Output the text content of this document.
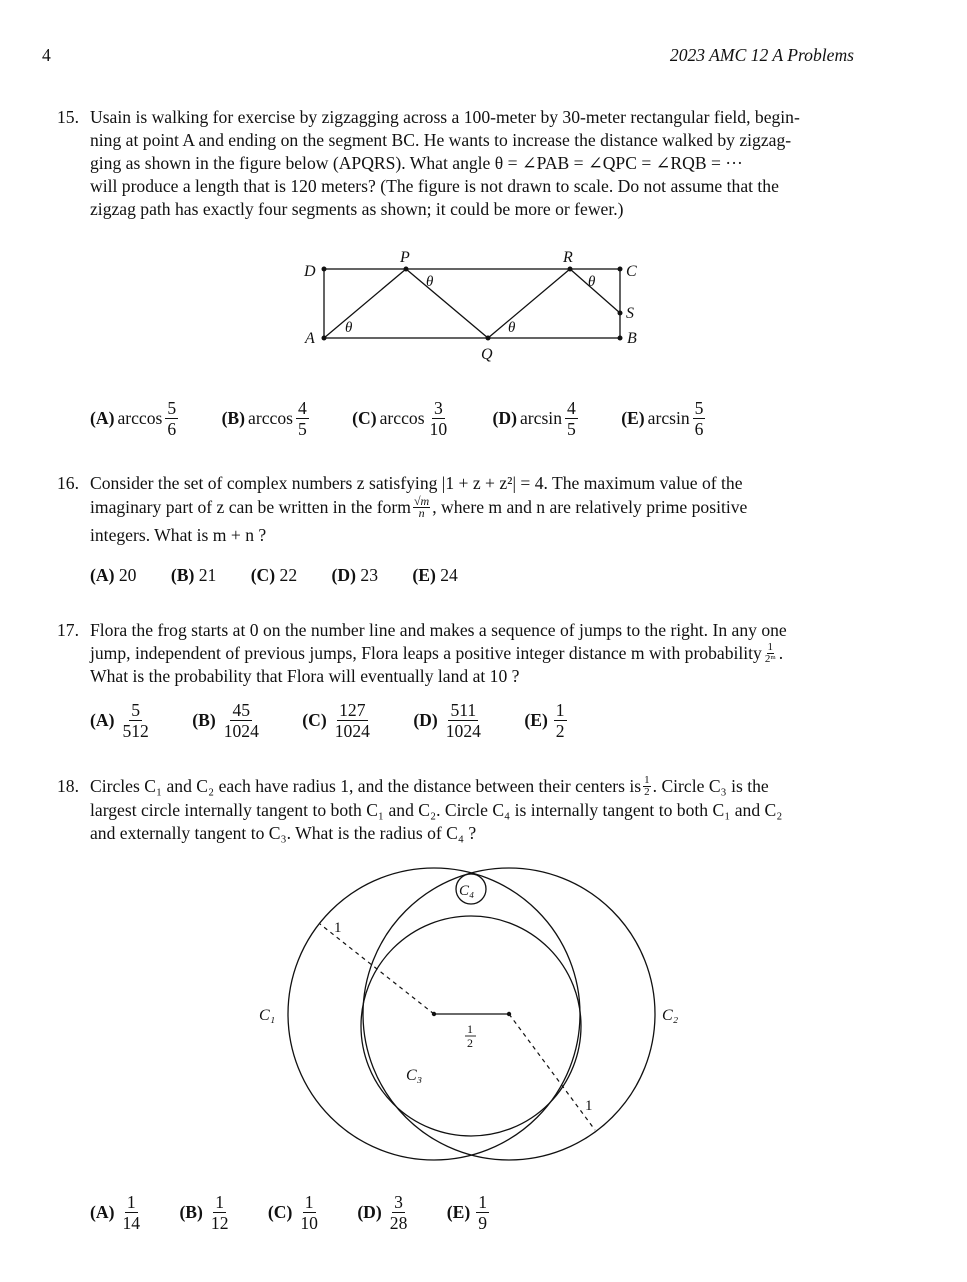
4	2023 AMC 12 A Problems
15. Usain is walking for exercise by zigzagging across a 100-meter by 30-meter rectangular field, begin-
ning at point A and ending on the segment BC. He wants to increase the distance walked by zigzag-
ging as shown in the figure below (APQRS). What angle θ = ∠PAB = ∠QPC = ∠RQB = ···
will produce a length that is 120 meters? (The figure is not drawn to scale. Do not assume that the
zigzag path has exactly four segments as shown; it could be more or fewer.)
D
P	R
C
S
B
A
Q
θ
θ
θ
θ
(A) arccos 5
6

(B) arccos 4
5

(C) arccos 3
10

(D) arcsin 4
5

(E) arcsin 5
6
16. Consider the set of complex numbers z satisfying |1 + z + z²| = 4. The maximum value of the
imaginary part of z can be written in the form √m
n , where m and n are relatively prime positive
integers. What is m + n ?
(A) 20 (B) 21 (C) 22 (D) 23 (E) 24
17. Flora the frog starts at 0 on the number line and makes a sequence of jumps to the right. In any one
jump, independent of previous jumps, Flora leaps a positive integer distance m with probability 1
2ᵐ .
What is the probability that Flora will eventually land at 10 ?
(A) 5
512

(B) 45
1024

(C) 127
1024

(D) 511
1024

(E) 1
2
18. Circles C₁ and C₂ each have radius 1, and the distance between their centers is 1
2 . Circle C₃ is the
largest circle internally tangent to both C₁ and C₂. Circle C₄ is internally tangent to both C₁ and C₂
and externally tangent to C₃. What is the radius of C₄ ?
C₁	C₂
C₃
C₄
1
1
1
2
(A) 1
14

(B) 1
12

(C) 1
10

(D) 3
28

(E) 1
9
